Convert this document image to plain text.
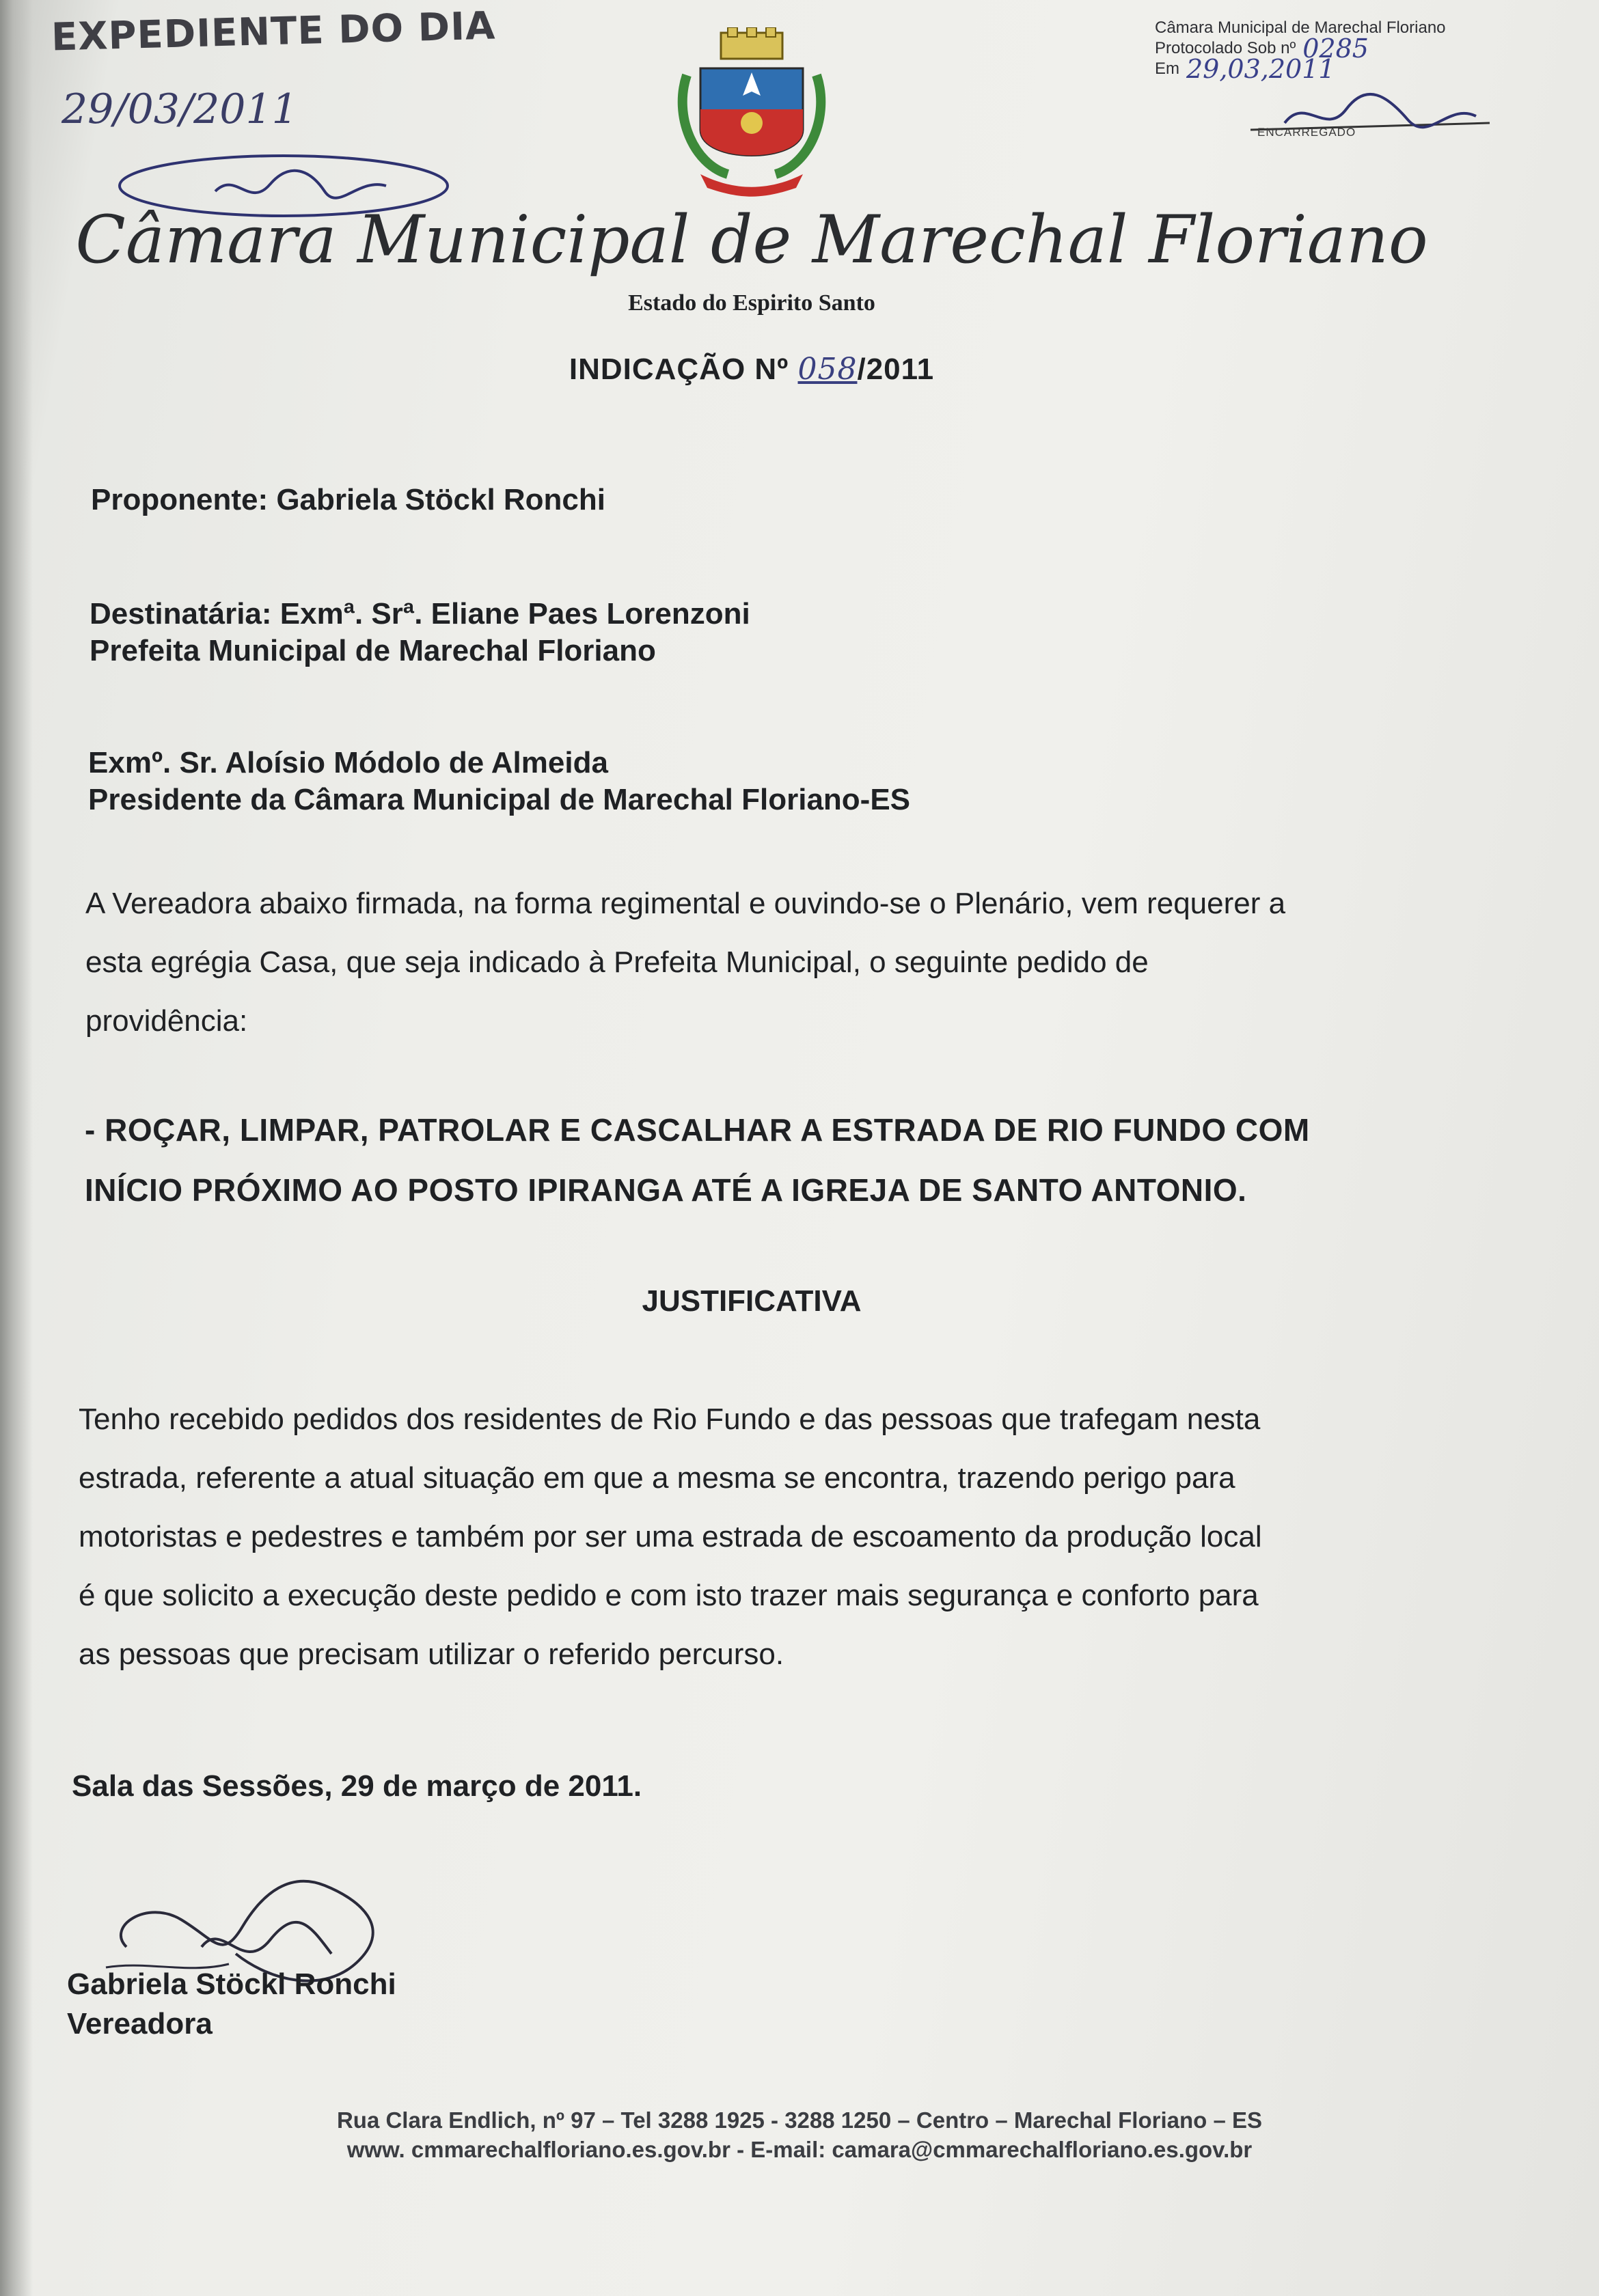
EXPEDIENTE DO DIA
29/03/2011
Câmara Municipal de Marechal Floriano
Protocolado Sob nº 0285
Em 29,03,2011
ENCARREGADO
Câmara Municipal de Marechal Floriano
Estado do Espirito Santo
INDICAÇÃO Nº 058/2011
Proponente: Gabriela Stöckl Ronchi
Destinatária: Exmª. Srª. Eliane Paes Lorenzoni
Prefeita Municipal de Marechal Floriano
Exmº. Sr. Aloísio Módolo de Almeida
Presidente da Câmara Municipal de Marechal Floriano-ES
A Vereadora abaixo firmada, na forma regimental e ouvindo-se o Plenário, vem requerer a
esta egrégia Casa, que seja indicado à Prefeita Municipal, o seguinte pedido de
providência:
- ROÇAR, LIMPAR, PATROLAR E CASCALHAR A ESTRADA DE RIO FUNDO COM
INÍCIO PRÓXIMO AO POSTO IPIRANGA ATÉ A IGREJA DE SANTO ANTONIO.
JUSTIFICATIVA
Tenho recebido pedidos dos residentes de Rio Fundo e das pessoas que trafegam nesta
estrada, referente a atual situação em que a mesma se encontra, trazendo perigo para
motoristas e pedestres e também por ser uma estrada de escoamento da produção local
é que solicito a execução deste pedido e com isto trazer mais segurança e conforto para
as pessoas que precisam utilizar o referido percurso.
Sala das Sessões, 29 de março de 2011.
Gabriela Stöckl Ronchi
Vereadora
Rua Clara Endlich, nº 97 – Tel 3288 1925 - 3288 1250 – Centro – Marechal Floriano – ES
www. cmmarechalfloriano.es.gov.br - E-mail: camara@cmmarechalfloriano.es.gov.br
